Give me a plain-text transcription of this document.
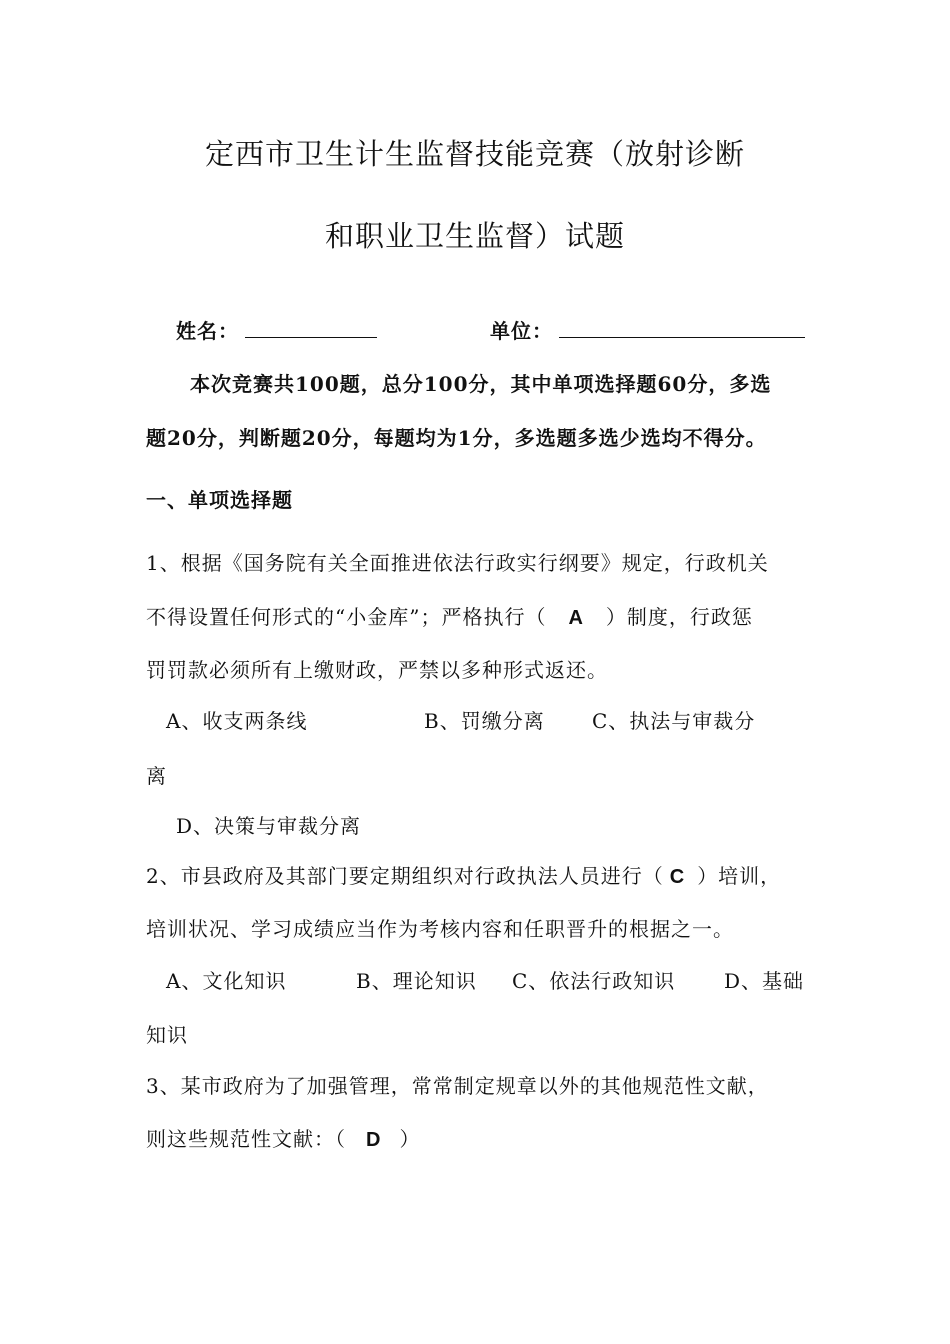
定西市卫生计生监督技能竞赛（放射诊断
和职业卫生监督）试题
姓名：	单位：
本次竞赛共100题，总分100分，其中单项选择题60分，多选
题20分，判断题20分，每题均为1分，多选题多选少选均不得分。
一、单项选择题
1、根据《国务院有关全面推进依法行政实行纲要》规定，行政机关
不得设置任何形式的“小金库”；严格执行（ A ）制度，行政惩
罚罚款必须所有上缴财政，严禁以多种形式返还。
A、收支两条线	B、罚缴分离 C、执法与审裁分
离
D、决策与审裁分离
2、市县政府及其部门要定期组织对行政执法人员进行（ C ）培训，
培训状况、学习成绩应当作为考核内容和任职晋升的根据之一。
A、文化知识	B、理论知识 C、依法行政知识 D、基础
知识
3、某市政府为了加强管理，常常制定规章以外的其他规范性文献，
则这些规范性文献：（ D ）
